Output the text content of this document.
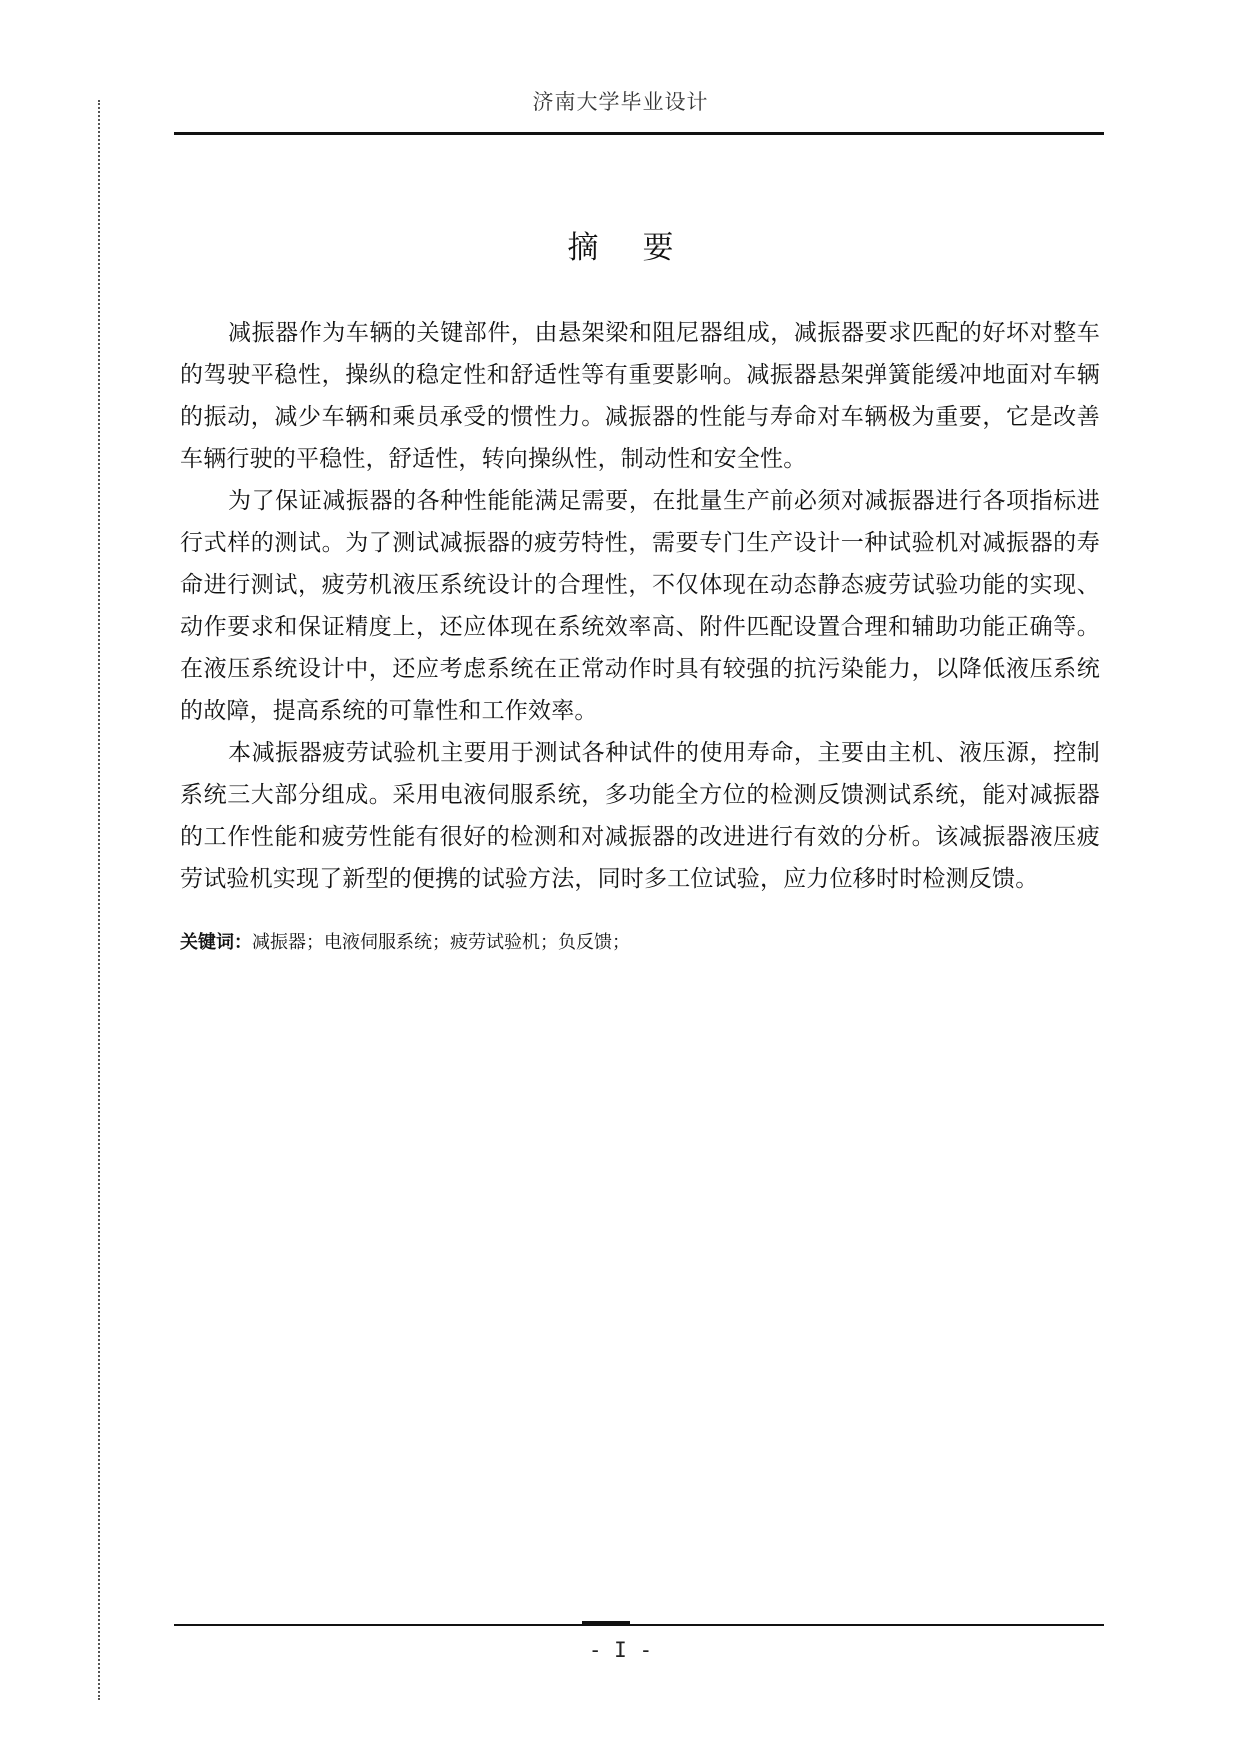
济南大学毕业设计
摘要

减振器作为车辆的关键部件，由悬架梁和阻尼器组成，减振器要求匹配的好坏对整车的驾驶平稳性，操纵的稳定性和舒适性等有重要影响。减振器悬架弹簧能缓冲地面对车辆的振动，减少车辆和乘员承受的惯性力。减振器的性能与寿命对车辆极为重要，它是改善车辆行驶的平稳性，舒适性，转向操纵性，制动性和安全性。

为了保证减振器的各种性能能满足需要，在批量生产前必须对减振器进行各项指标进行式样的测试。为了测试减振器的疲劳特性，需要专门生产设计一种试验机对减振器的寿命进行测试，疲劳机液压系统设计的合理性，不仅体现在动态静态疲劳试验功能的实现、动作要求和保证精度上，还应体现在系统效率高、附件匹配设置合理和辅助功能正确等。在液压系统设计中，还应考虑系统在正常动作时具有较强的抗污染能力，以降低液压系统的故障，提高系统的可靠性和工作效率。

本减振器疲劳试验机主要用于测试各种试件的使用寿命，主要由主机、液压源，控制系统三大部分组成。采用电液伺服系统，多功能全方位的检测反馈测试系统，能对减振器的工作性能和疲劳性能有很好的检测和对减振器的改进进行有效的分析。该减振器液压疲劳试验机实现了新型的便携的试验方法，同时多工位试验，应力位移时时检测反馈。

关键词：减振器；电液伺服系统；疲劳试验机；负反馈；
- I -
